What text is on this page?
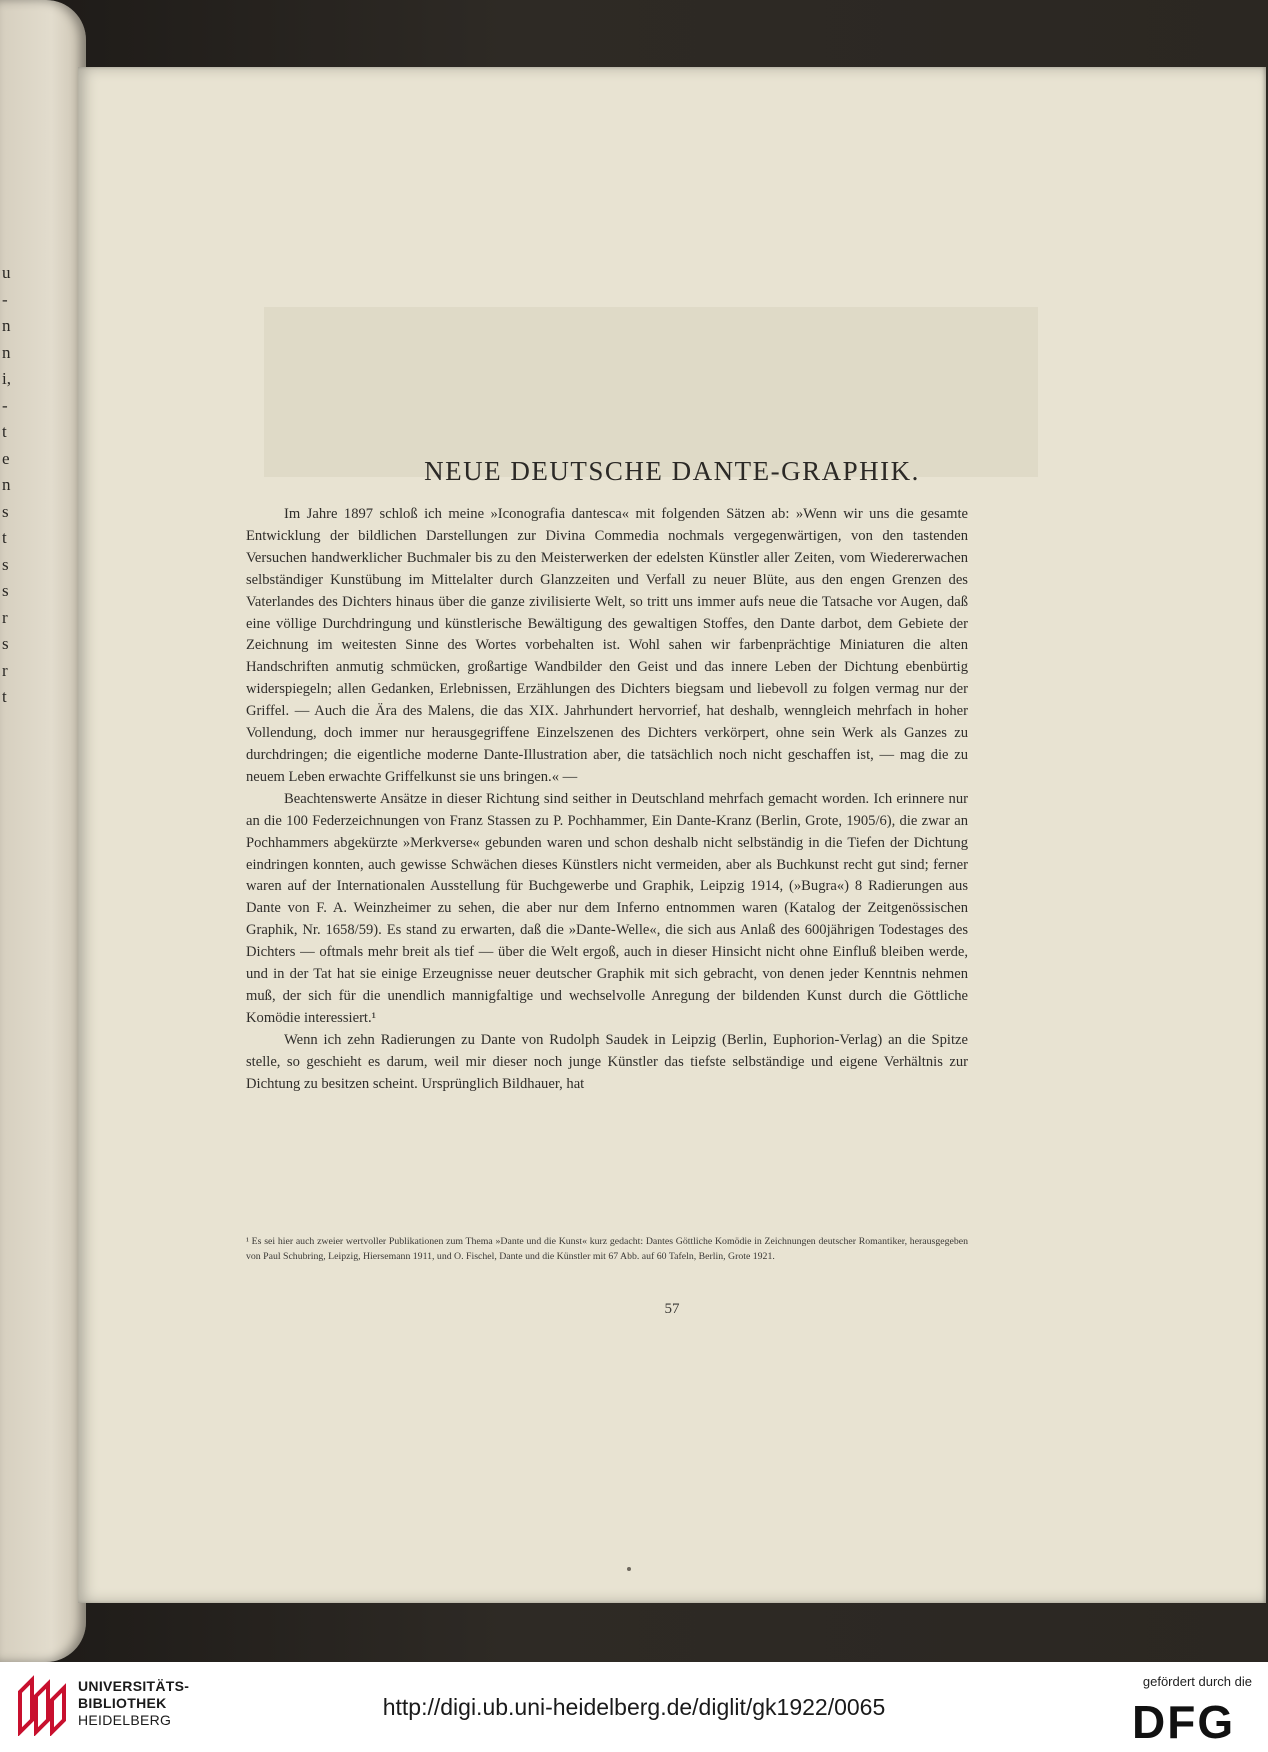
u
-
n
n
i,
-
t
e
n
s
t
s
s
r
s
r
t
NEUE DEUTSCHE DANTE-GRAPHIK.

Im Jahre 1897 schloß ich meine »Iconografia dantesca« mit folgenden Sätzen ab: »Wenn wir uns die gesamte Entwicklung der bildlichen Darstellungen zur Divina Commedia nochmals vergegenwärtigen, von den tastenden Versuchen handwerklicher Buchmaler bis zu den Meisterwerken der edelsten Künstler aller Zeiten, vom Wiedererwachen selbständiger Kunstübung im Mittelalter durch Glanzzeiten und Verfall zu neuer Blüte, aus den engen Grenzen des Vaterlandes des Dichters hinaus über die ganze zivilisierte Welt, so tritt uns immer aufs neue die Tatsache vor Augen, daß eine völlige Durchdringung und künstlerische Bewältigung des gewaltigen Stoffes, den Dante darbot, dem Gebiete der Zeichnung im weitesten Sinne des Wortes vorbehalten ist. Wohl sahen wir farbenprächtige Miniaturen die alten Handschriften anmutig schmücken, großartige Wandbilder den Geist und das innere Leben der Dichtung ebenbürtig widerspiegeln; allen Gedanken, Erlebnissen, Erzählungen des Dichters biegsam und liebevoll zu folgen vermag nur der Griffel. — Auch die Ära des Malens, die das XIX. Jahrhundert hervorrief, hat deshalb, wenngleich mehrfach in hoher Vollendung, doch immer nur herausgegriffene Einzelszenen des Dichters verkörpert, ohne sein Werk als Ganzes zu durchdringen; die eigentliche moderne Dante-Illustration aber, die tatsächlich noch nicht geschaffen ist, — mag die zu neuem Leben erwachte Griffelkunst sie uns bringen.« —

Beachtenswerte Ansätze in dieser Richtung sind seither in Deutschland mehrfach gemacht worden. Ich erinnere nur an die 100 Federzeichnungen von Franz Stassen zu P. Pochhammer, Ein Dante-Kranz (Berlin, Grote, 1905/6), die zwar an Pochhammers abgekürzte »Merkverse« gebunden waren und schon deshalb nicht selbständig in die Tiefen der Dichtung eindringen konnten, auch gewisse Schwächen dieses Künstlers nicht vermeiden, aber als Buchkunst recht gut sind; ferner waren auf der Internationalen Ausstellung für Buchgewerbe und Graphik, Leipzig 1914, (»Bugra«) 8 Radierungen aus Dante von F. A. Weinzheimer zu sehen, die aber nur dem Inferno entnommen waren (Katalog der Zeitgenössischen Graphik, Nr. 1658/59). Es stand zu erwarten, daß die »Dante-Welle«, die sich aus Anlaß des 600jährigen Todestages des Dichters — oftmals mehr breit als tief — über die Welt ergoß, auch in dieser Hinsicht nicht ohne Einfluß bleiben werde, und in der Tat hat sie einige Erzeugnisse neuer deutscher Graphik mit sich gebracht, von denen jeder Kenntnis nehmen muß, der sich für die unendlich mannigfaltige und wechselvolle Anregung der bildenden Kunst durch die Göttliche Komödie interessiert.¹

Wenn ich zehn Radierungen zu Dante von Rudolph Saudek in Leipzig (Berlin, Euphorion-Verlag) an die Spitze stelle, so geschieht es darum, weil mir dieser noch junge Künstler das tiefste selbständige und eigene Verhältnis zur Dichtung zu besitzen scheint. Ursprünglich Bildhauer, hat

¹ Es sei hier auch zweier wertvoller Publikationen zum Thema »Dante und die Kunst« kurz gedacht: Dantes Göttliche Komödie in Zeichnungen deutscher Romantiker, herausgegeben von Paul Schubring, Leipzig, Hiersemann 1911, und O. Fischel, Dante und die Künstler mit 67 Abb. auf 60 Tafeln, Berlin, Grote 1921.
57
UNIVERSITÄTS-
BIBLIOTHEK
HEIDELBERG	http://digi.ub.uni-heidelberg.de/diglit/gk1922/0065
gefördert durch die
DFG
